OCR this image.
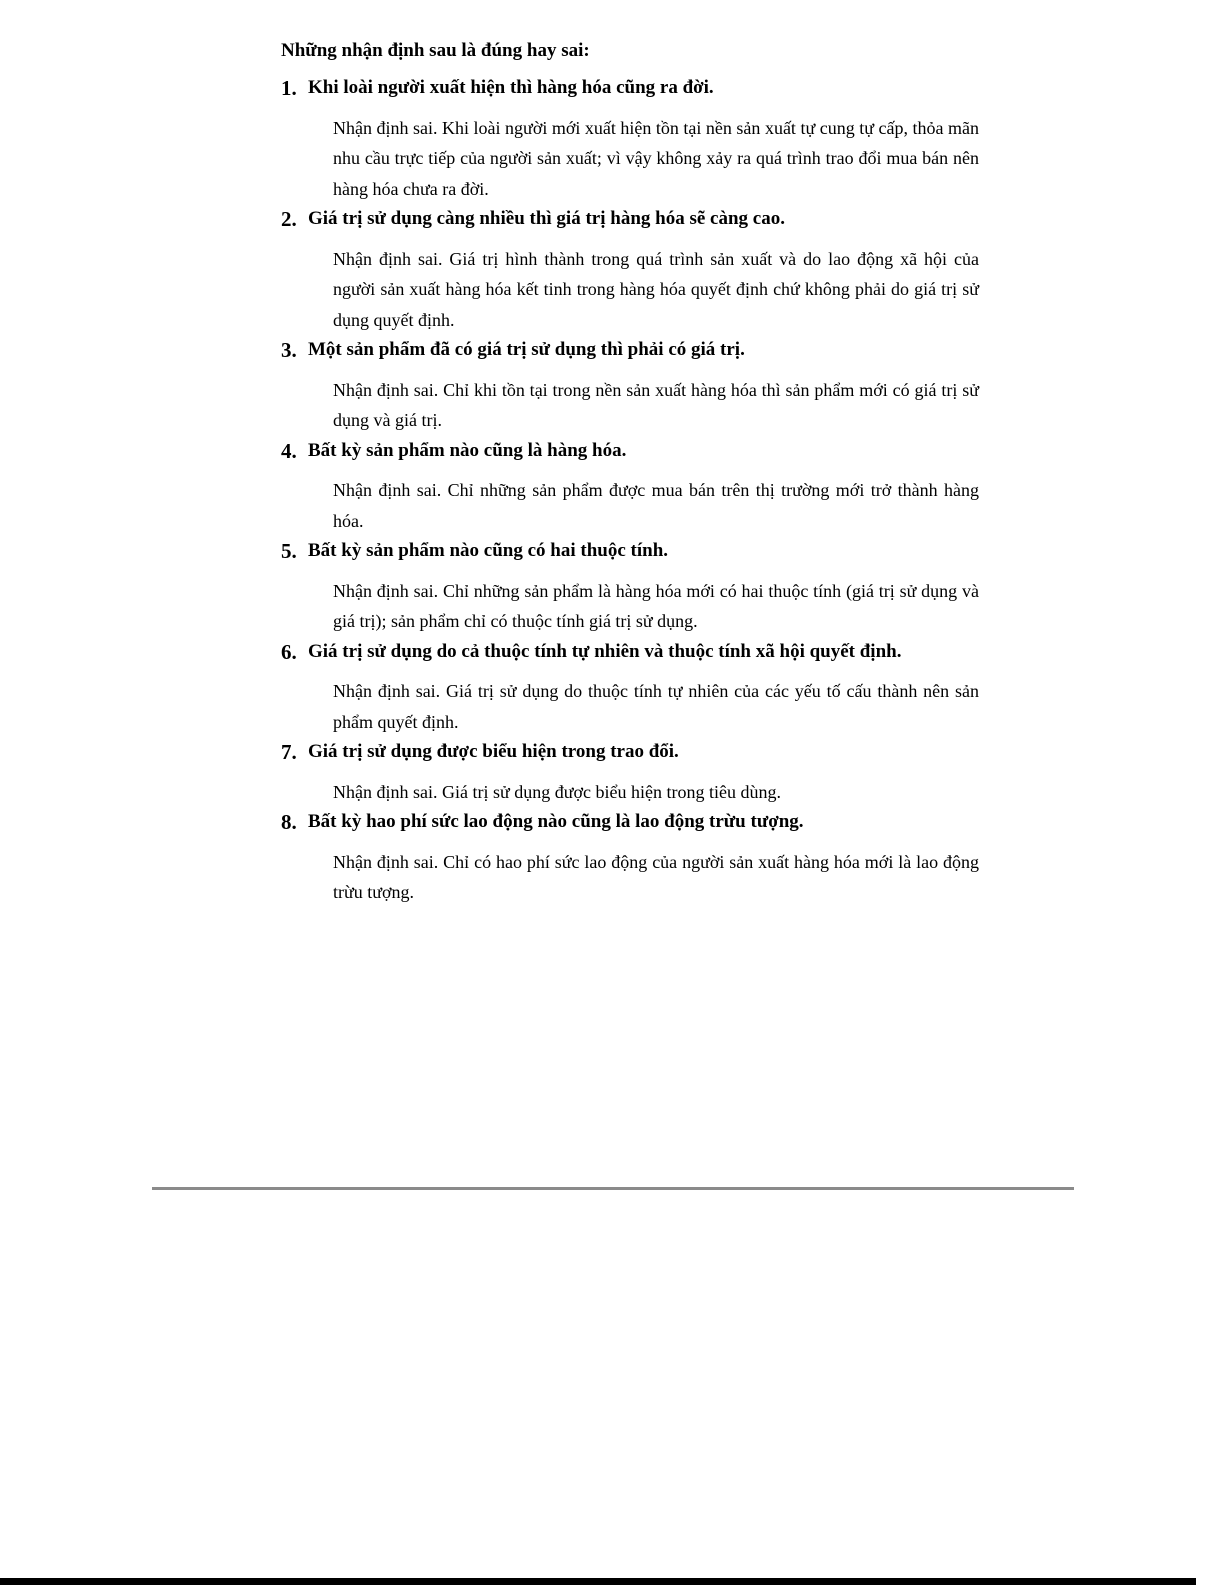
Những nhận định sau là đúng hay sai:

1. Khi loài người xuất hiện thì hàng hóa cũng ra đời.
Nhận định sai. Khi loài người mới xuất hiện tồn tại nền sản xuất tự cung tự cấp, thỏa mãn nhu cầu trực tiếp của người sản xuất; vì vậy không xảy ra quá trình trao đổi mua bán nên hàng hóa chưa ra đời.
2. Giá trị sử dụng càng nhiều thì giá trị hàng hóa sẽ càng cao.
Nhận định sai. Giá trị hình thành trong quá trình sản xuất và do lao động xã hội của người sản xuất hàng hóa kết tinh trong hàng hóa quyết định chứ không phải do giá trị sử dụng quyết định.
3. Một sản phẩm đã có giá trị sử dụng thì phải có giá trị.
Nhận định sai. Chỉ khi tồn tại trong nền sản xuất hàng hóa thì sản phẩm mới có giá trị sử dụng và giá trị.
4. Bất kỳ sản phẩm nào cũng là hàng hóa.
Nhận định sai. Chỉ những sản phẩm được mua bán trên thị trường mới trở thành hàng hóa.
5. Bất kỳ sản phẩm nào cũng có hai thuộc tính.
Nhận định sai. Chỉ những sản phẩm là hàng hóa mới có hai thuộc tính (giá trị sử dụng và giá trị); sản phẩm chỉ có thuộc tính giá trị sử dụng.
6. Giá trị sử dụng do cả thuộc tính tự nhiên và thuộc tính xã hội quyết định.
Nhận định sai. Giá trị sử dụng do thuộc tính tự nhiên của các yếu tố cấu thành nên sản phẩm quyết định.
7. Giá trị sử dụng được biểu hiện trong trao đổi.
Nhận định sai. Giá trị sử dụng được biểu hiện trong tiêu dùng.
8. Bất kỳ hao phí sức lao động nào cũng là lao động trừu tượng.
Nhận định sai. Chỉ có hao phí sức lao động của người sản xuất hàng hóa mới là lao động trừu tượng.
